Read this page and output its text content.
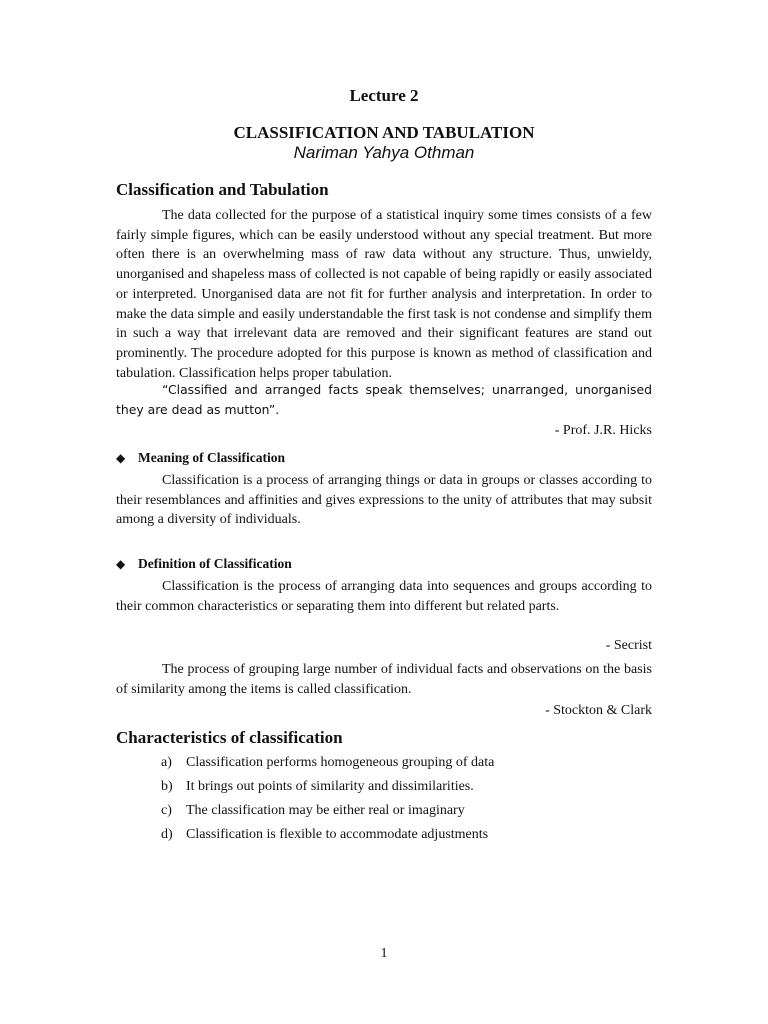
Lecture 2
CLASSIFICATION AND TABULATION
Nariman Yahya Othman
Classification and Tabulation

The data collected for the purpose of a statistical inquiry some times consists of a few fairly simple figures, which can be easily understood without any special treatment. But more often there is an overwhelming mass of raw data without any structure. Thus, unwieldy, unorganised and shapeless mass of collected is not capable of being rapidly or easily associated or interpreted. Unorganised data are not fit for further analysis and interpretation. In order to make the data simple and easily understandable the first task is not condense and simplify them in such a way that irrelevant data are removed and their significant features are stand out prominently. The procedure adopted for this purpose is known as method of classification and tabulation. Classification helps proper tabulation.

“Classified and arranged facts speak themselves; unarranged, unorganised they are dead as mutton”.

- Prof. J.R. Hicks
◆ Meaning of Classification

Classification is a process of arranging things or data in groups or classes according to their resemblances and affinities and gives expressions to the unity of attributes that may subsit among a diversity of individuals.

◆ Definition of Classification

Classification is the process of arranging data into sequences and groups according to their common characteristics or separating them into different but related parts.

- Secrist

The process of grouping large number of individual facts and observations on the basis of similarity among the items is called classification.

- Stockton & Clark
Characteristics of classification
a) Classification performs homogeneous grouping of data
b) It brings out points of similarity and dissimilarities.
c) The classification may be either real or imaginary
d) Classification is flexible to accommodate adjustments
1
